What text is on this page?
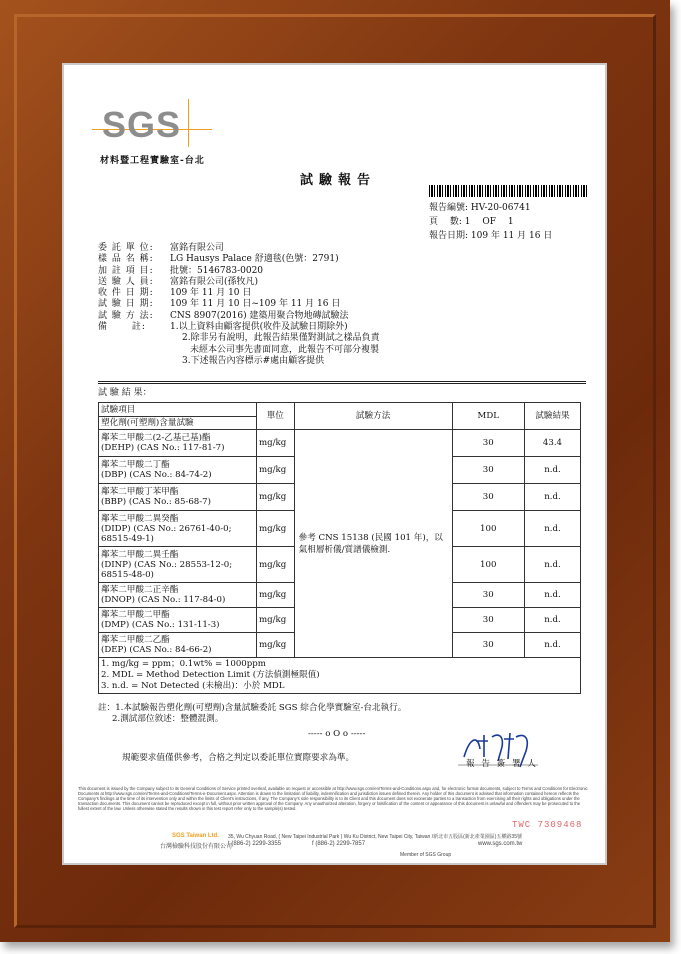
SGS
材料暨工程實驗室-台北
試驗報告
報告編號: HV-20-06741
頁　 數: 1　 OF　 1
報告日期: 109 年 11 月 16 日
委 託 單 位: 富銘有限公司
樣 品 名 稱: LG Hausys Palace 舒適毯(色號：2791)
加 註 項 目: 批號：5146783-0020
送 驗 人 員: 富銘有限公司(孫牧凡)
收 件 日 期: 109 年 11 月 10 日
試 驗 日 期: 109 年 11 月 10 日~109 年 11 月 16 日
試 驗 方 法: CNS 8907(2016) 建築用聚合物地磚試驗法
備　　 註:	1.以上資料由顧客提供(收件及試驗日期除外)
2.除非另有說明，此報告結果僅對測試之樣品負責
未經本公司事先書面同意，此報告不可部分複製
3.下述報告內容標示#處由顧客提供
試 驗 結 果：
試驗項目	單位	試驗方法	MDL	試驗結果
塑化劑(可塑劑)含量試驗				

鄰苯二甲酸二(2-乙基己基)酯
(DEHP) (CAS No.: 117-81-7)	mg/kg	參考 CNS 15138 (民國 101 年)，以氣相層析儀/質譜儀檢測.	30	43.4

鄰苯二甲酸二丁酯
(DBP) (CAS No.: 84-74-2)	mg/kg		30	n.d.

鄰苯二甲酸丁苯甲酯
(BBP) (CAS No.: 85-68-7)	mg/kg		30	n.d.

鄰苯二甲酸二異癸酯
(DIDP) (CAS No.: 26761-40-0; 68515-49-1)	mg/kg		100	n.d.

鄰苯二甲酸二異壬酯
(DINP) (CAS No.: 28553-12-0; 68515-48-0)	mg/kg		100	n.d.

鄰苯二甲酸二正辛酯
(DNOP) (CAS No.: 117-84-0)	mg/kg		30	n.d.

鄰苯二甲酸二甲酯
(DMP) (CAS No.: 131-11-3)	mg/kg		30	n.d.

鄰苯二甲酸二乙酯
(DEP) (CAS No.: 84-66-2)	mg/kg		30	n.d.

1. mg/kg = ppm；0.1wt% = 1000ppm
2. MDL = Method Detection Limit (方法偵測極限值)
3. n.d. = Not Detected (未檢出)：小於 MDL				
註：1.本試驗報告塑化劑(可塑劑)含量試驗委託 SGS 綜合化學實驗室-台北執行。
2.測試部位敘述：整體混測。
----- o O o -----
規範要求值僅供參考，合格之判定以委託單位實際要求為準。
報 告 簽 署 人
This document is issued by the Company subject to its General Conditions of Service printed overleaf, available on request or accessible at http://www.sgs.com/en/Terms-and-Conditions.aspx and, for electronic format documents, subject to Terms and Conditions for Electronic Documents at http://www.sgs.com/en/Terms-and-Conditions/Terms-e-Document.aspx. Attention is drawn to the limitation of liability, indemnification and jurisdiction issues defined therein. Any holder of this document is advised that information contained hereon reflects the Company's findings at the time of its intervention only and within the limits of Client's instructions, if any. The Company's sole responsibility is to its Client and this document does not exonerate parties to a transaction from exercising all their rights and obligations under the transaction documents. This document cannot be reproduced except in full, without prior written approval of the Company. Any unauthorized alteration, forgery or falsification of the content or appearance of this document is unlawful and offenders may be prosecuted to the fullest extent of the law. Unless otherwise stated the results shown in this test report refer only to the sample(s) tested.
TWC 7309468
SGS Taiwan Ltd.
台灣檢驗科技股份有限公司
35, Wu Chyuan Road, ( New Taipei Industrial Park ) Wu Ku District, New Taipei City, Taiwan /新北市五股區(新北產業園區)五權路35號
t (886-2) 2299-3355	f (886-2) 2299-7857	www.sgs.com.tw
Member of SGS Group
